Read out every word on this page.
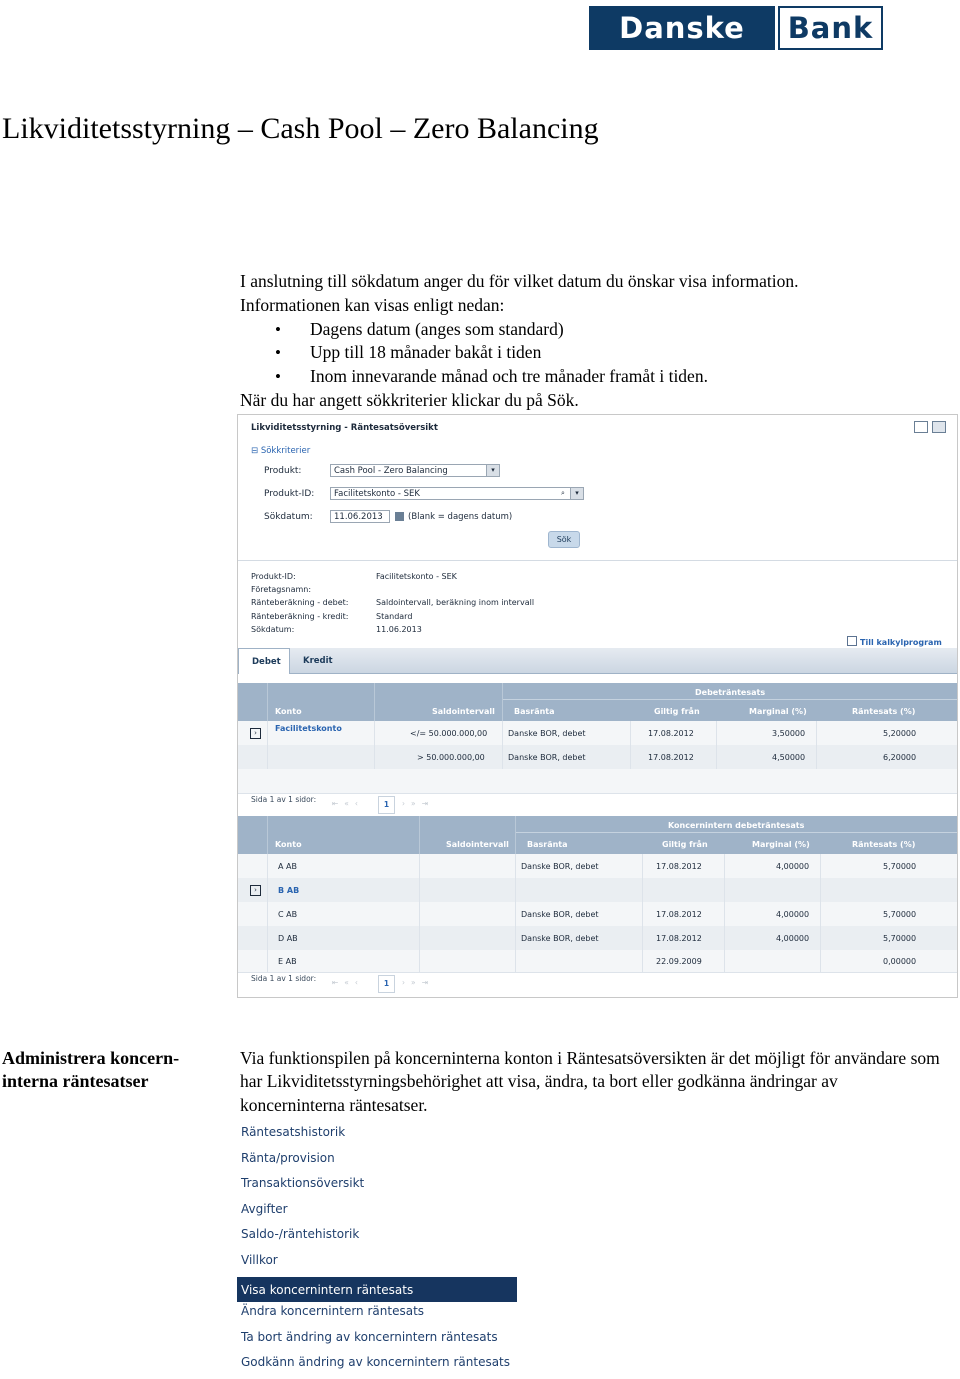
Danske	Bank
Likviditetsstyrning – Cash Pool – Zero Balancing
I anslutning till sökdatum anger du för vilket datum du önskar visa information.
Informationen kan visas enligt nedan:
• Dagens datum (anges som standard)
• Upp till 18 månader bakåt i tiden
• Inom innevarande månad och tre månader framåt i tiden.
När du har angett sökkriterier klickar du på Sök.
Likviditetsstyrning - Räntesatsöversikt
⊟ Sökkriterier
Produkt:	Cash Pool - Zero Balancing	▾
Produkt-ID:	Facilitetskonto - SEK	⌕	▾
Sökdatum:	11.06.2013	(Blank = dagens datum)
Sök
Produkt-ID:
Företagsnamn:
Ränteberäkning - debet:
Ränteberäkning - kredit:
Sökdatum:
Facilitetskonto - SEK
Saldointervall, beräkning inom intervall
Standard
11.06.2013
Till kalkylprogram
Debet	Kredit
Debeträntesats
Konto	Saldointervall Basränta	Giltig från	Marginal (%)	Räntesats (%)
›	Facilitetskonto	</= 50.000.000,00	Danske BOR, debet	17.08.2012	3,50000	5,20000
> 50.000.000,00	Danske BOR, debet	17.08.2012	4,50000	6,20000
Sida 1 av 1 sidor: ⇤«‹	1	›»⇥
Koncernintern debeträntesats
Konto	Saldointervall Basränta	Giltig från	Marginal (%)	Räntesats (%)
A AB	Danske BOR, debet	17.08.2012	4,00000	5,70000
›	B AB
C AB	Danske BOR, debet	17.08.2012	4,00000	5,70000
D AB	Danske BOR, debet	17.08.2012	4,00000	5,70000
E AB	22.09.2009	0,00000
Sida 1 av 1 sidor: ⇤«‹	1	›»⇥
Administrera koncern-
interna räntesatser
Via funktionspilen på koncerninterna konton i Räntesatsöversikten är det möjligt för användare som har Likviditetsstyrningsbehörighet att visa, ändra, ta bort eller godkänna ändringar av koncerninterna räntesatser.
Räntesatshistorik
Ränta/provision
Transaktionsöversikt
Avgifter
Saldo-/räntehistorik
Villkor
Visa koncernintern räntesats
Ändra koncernintern räntesats
Ta bort ändring av koncernintern räntesats
Godkänn ändring av koncernintern räntesats
